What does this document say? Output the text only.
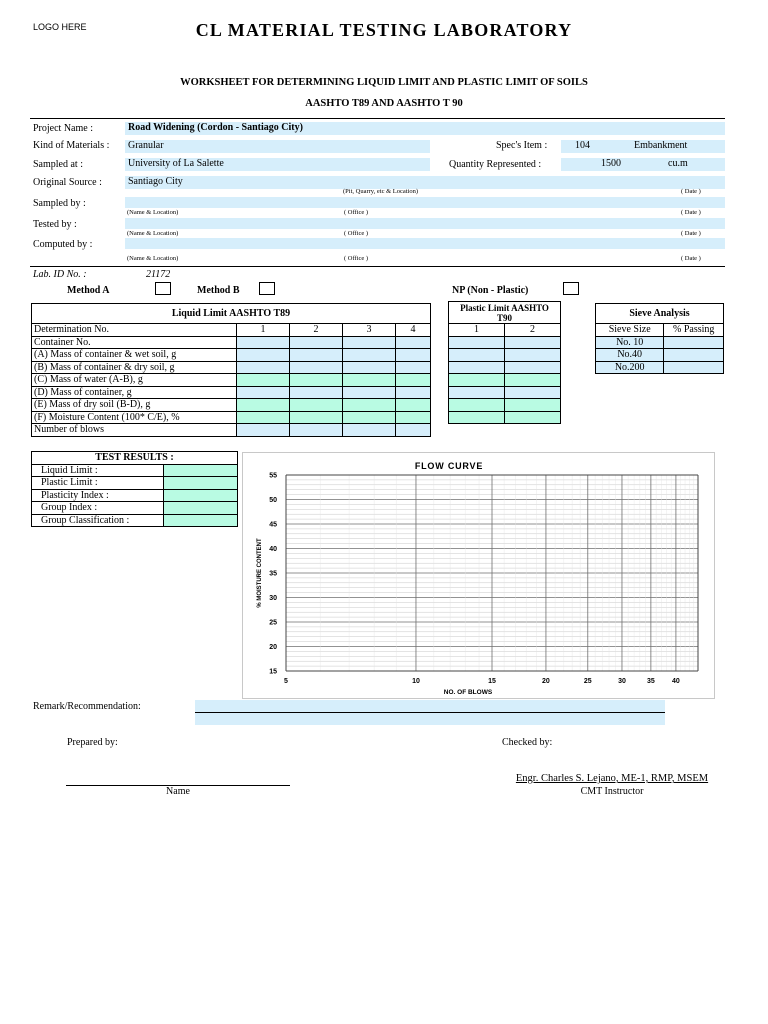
LOGO HERE	CL MATERIAL TESTING LABORATORY
WORKSHEET FOR DETERMINING LIQUID LIMIT AND PLASTIC LIMIT OF SOILS
AASHTO T89 AND AASHTO T 90
Project Name :	Road Widening (Cordon - Santiago City)
Kind of Materials :	Granular	Spec's Item :	104	Embankment
Sampled at :	University of La Salette	Quantity Represented :	1500	cu.m
Original Source :	Santiago City
(Pit, Quarry, etc & Location)	( Date )
Sampled by :
(Name & Location)	( Office )	( Date )
Tested by :
(Name & Location)	( Office )	( Date )
Computed by :
(Name & Location)	( Office )	( Date )
Lab. ID No. :	21172
Method A	Method B	NP (Non - Plastic)
Liquid Limit AASHTO T89				
Determination No.	1	2	3	4
Container No.				
(A) Mass of container & wet soil, g				
(B) Mass of container & dry soil, g				
(C) Mass of water (A-B), g				
(D) Mass of container, g				
(E) Mass of dry soil (B-D), g				
(F) Moisture Content (100* C/E), %				
Number of blows				
Plastic Limit AASHTO
T90	
1	2

Sieve Analysis	
Sieve Size	% Passing
No. 10	
No.40	
No.200	
TEST RESULTS :	
Liquid Limit :	
Plastic Limit :	
Plasticity Index :	
Group Index :	
Group Classification :	
FLOW CURVE
15
20
25
30
35
40
45
50
55
5	10	15	20	25	30	35 40
NO. OF BLOWS
% MOISTURE CONTENT
Remark/Recommendation:
Prepared by:	Checked by:
Name
Engr. Charles S. Lejano, ME-1, RMP, MSEM
CMT Instructor
